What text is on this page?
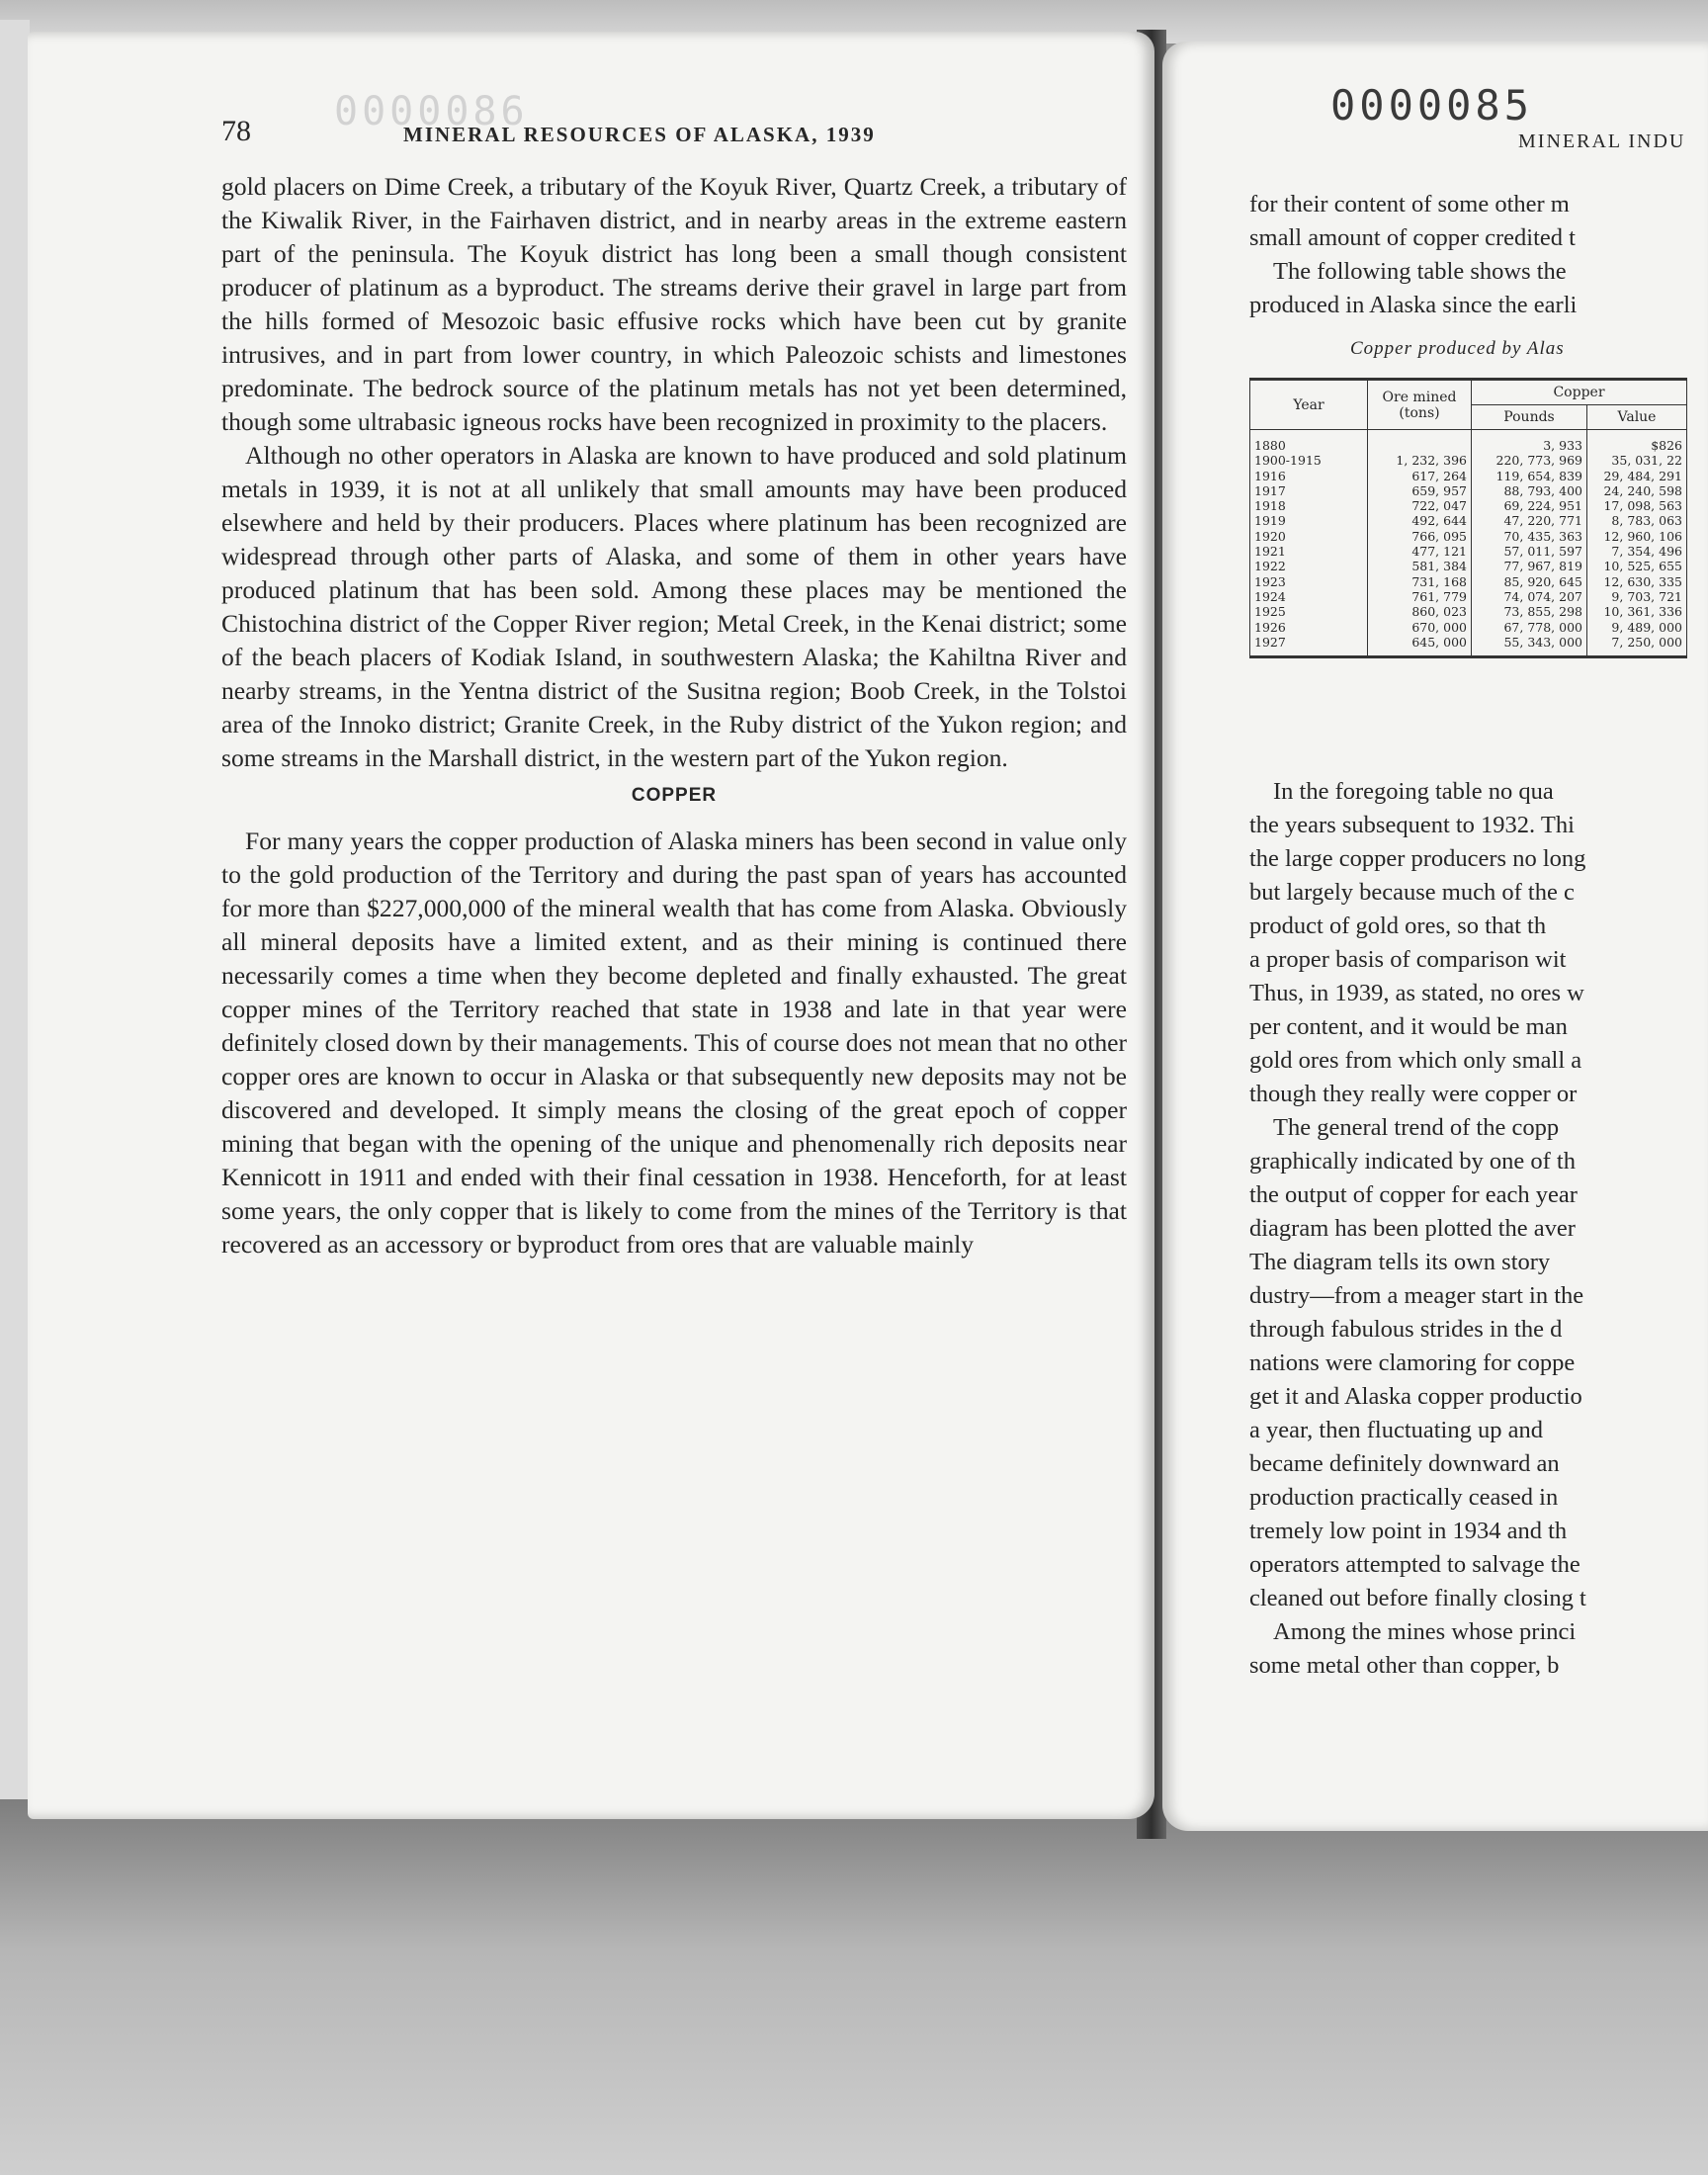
0000086
78	MINERAL RESOURCES OF ALASKA, 1939

gold placers on Dime Creek, a tributary of the Koyuk River, Quartz Creek, a tributary of the Kiwalik River, in the Fairhaven district, and in nearby areas in the extreme eastern part of the peninsula. The Koyuk district has long been a small though consistent producer of platinum as a byproduct. The streams derive their gravel in large part from the hills formed of Mesozoic basic effusive rocks which have been cut by granite intrusives, and in part from lower country, in which Paleozoic schists and limestones predominate. The bedrock source of the platinum metals has not yet been determined, though some ultrabasic igneous rocks have been recognized in proximity to the placers.

Although no other operators in Alaska are known to have produced and sold platinum metals in 1939, it is not at all unlikely that small amounts may have been produced elsewhere and held by their producers. Places where platinum has been recognized are widespread through other parts of Alaska, and some of them in other years have produced platinum that has been sold. Among these places may be mentioned the Chistochina district of the Copper River region; Metal Creek, in the Kenai district; some of the beach placers of Kodiak Island, in southwestern Alaska; the Kahiltna River and nearby streams, in the Yentna district of the Susitna region; Boob Creek, in the Tolstoi area of the Innoko district; Granite Creek, in the Ruby district of the Yukon region; and some streams in the Marshall district, in the western part of the Yukon region.

COPPER

For many years the copper production of Alaska miners has been second in value only to the gold production of the Territory and during the past span of years has accounted for more than $227,000,000 of the mineral wealth that has come from Alaska. Obviously all mineral deposits have a limited extent, and as their mining is continued there necessarily comes a time when they become depleted and finally exhausted. The great copper mines of the Territory reached that state in 1938 and late in that year were definitely closed down by their managements. This of course does not mean that no other copper ores are known to occur in Alaska or that subsequently new deposits may not be discovered and developed. It simply means the closing of the great epoch of copper mining that began with the opening of the unique and phenomenally rich deposits near Kennicott in 1911 and ended with their final cessation in 1938. Henceforth, for at least some years, the only copper that is likely to come from the mines of the Territory is that recovered as an accessory or byproduct from ores that are valuable mainly

0000085
MINERAL INDU

for their content of some other m
small amount of copper credited t

The following table shows the

produced in Alaska since the earli

Copper produced by Alas
Year	Ore mined (tons)	Copper	
		Pounds	Value
1880		3, 933	$826
1900-1915	1, 232, 396	220, 773, 969	35, 031, 22
1916	617, 264	119, 654, 839	29, 484, 291
1917	659, 957	88, 793, 400	24, 240, 598
1918	722, 047	69, 224, 951	17, 098, 563
1919	492, 644	47, 220, 771	8, 783, 063
1920	766, 095	70, 435, 363	12, 960, 106
1921	477, 121	57, 011, 597	7, 354, 496
1922	581, 384	77, 967, 819	10, 525, 655
1923	731, 168	85, 920, 645	12, 630, 335
1924	761, 779	74, 074, 207	9, 703, 721
1925	860, 023	73, 855, 298	10, 361, 336
1926	670, 000	67, 778, 000	9, 489, 000
1927	645, 000	55, 343, 000	7, 250, 000

In the foregoing table no qua

the years subsequent to 1932. Thi
the large copper producers no long
but largely because much of the c
product of gold ores, so that th
a proper basis of comparison wit
Thus, in 1939, as stated, no ores w
per content, and it would be man
gold ores from which only small a
though they really were copper or

The general trend of the copp

graphically indicated by one of th
the output of copper for each year
diagram has been plotted the aver
The diagram tells its own story
dustry—from a meager start in the
through fabulous strides in the d
nations were clamoring for coppe
get it and Alaska copper productio
a year, then fluctuating up and
became definitely downward an
production practically ceased in
tremely low point in 1934 and th
operators attempted to salvage the
cleaned out before finally closing t

Among the mines whose princi

some metal other than copper, b
